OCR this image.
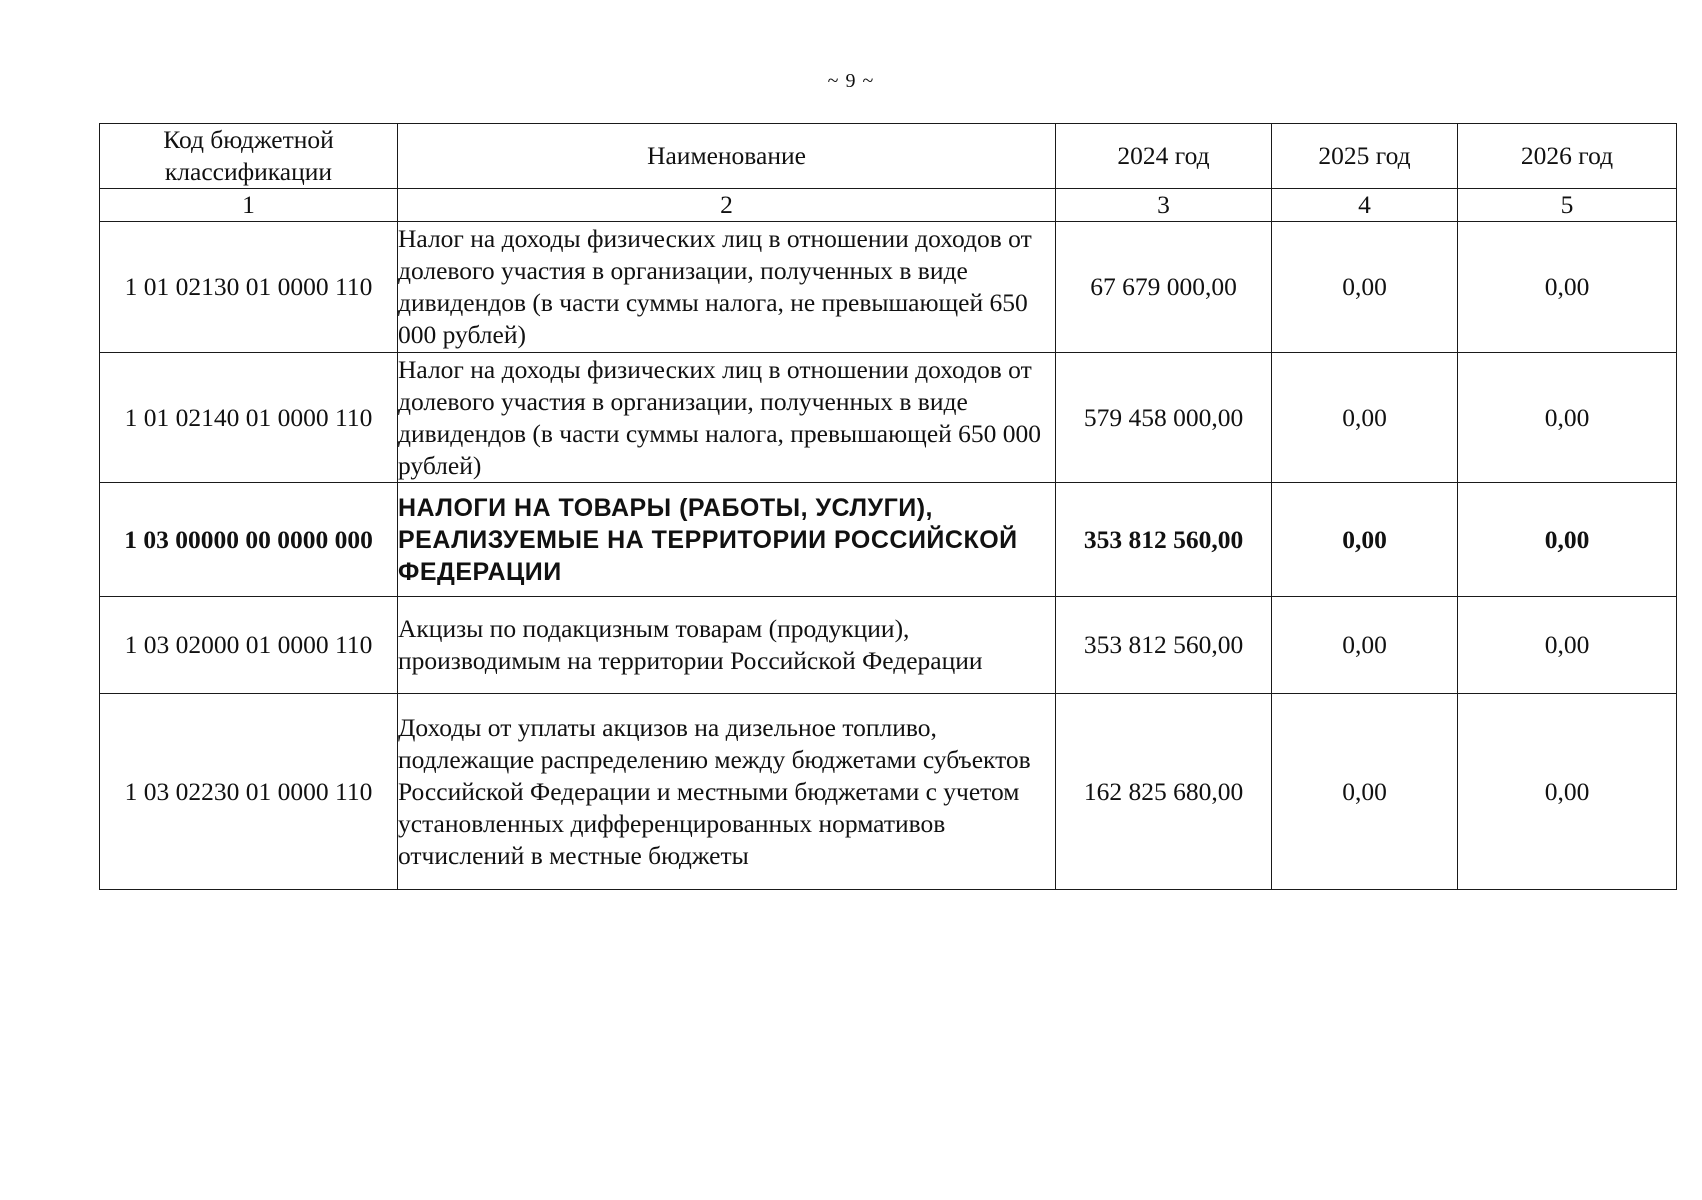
~ 9 ~
Код бюджетной классификации	Наименование	2024 год	2025 год	2026 год
1	2	3	4	5
1 01 02130 01 0000 110	Налог на доходы физических лиц в отношении доходов от долевого участия в организации, полученных в виде дивидендов (в части суммы налога, не превышающей 650 000 рублей)	67 679 000,00	0,00	0,00
1 01 02140 01 0000 110	Налог на доходы физических лиц в отношении доходов от долевого участия в организации, полученных в виде дивидендов (в части суммы налога, превышающей 650 000 рублей)	579 458 000,00	0,00	0,00
1 03 00000 00 0000 000	НАЛОГИ НА ТОВАРЫ (РАБОТЫ, УСЛУГИ), РЕАЛИЗУЕМЫЕ НА ТЕРРИТОРИИ РОССИЙСКОЙ ФЕДЕРАЦИИ	353 812 560,00	0,00	0,00
1 03 02000 01 0000 110	Акцизы по подакцизным товарам (продукции), производимым на территории Российской Федерации	353 812 560,00	0,00	0,00
1 03 02230 01 0000 110	Доходы от уплаты акцизов на дизельное топливо, подлежащие распределению между бюджетами субъектов Российской Федерации и местными бюджетами с учетом установленных дифференцированных нормативов отчислений в местные бюджеты	162 825 680,00	0,00	0,00
